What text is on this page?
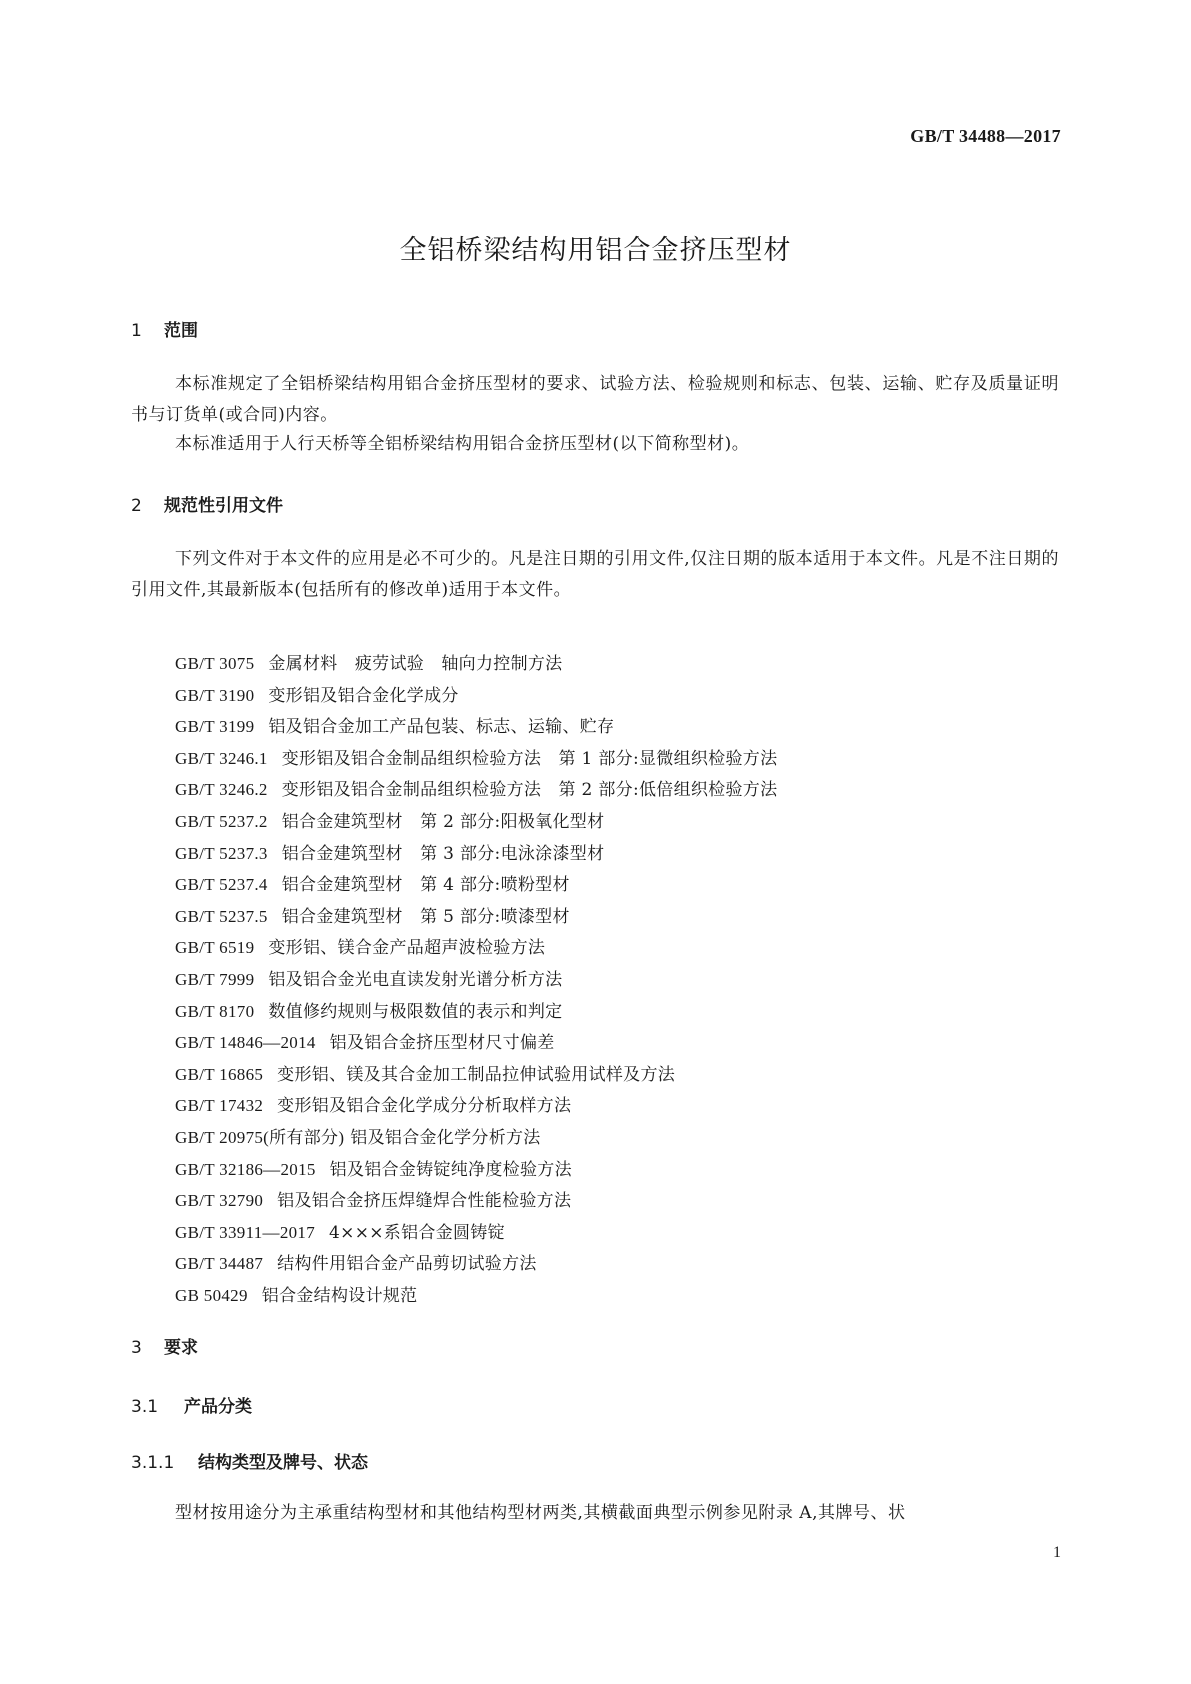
GB/T 34488—2017
全铝桥梁结构用铝合金挤压型材
1 范围
本标准规定了全铝桥梁结构用铝合金挤压型材的要求、试验方法、检验规则和标志、包装、运输、贮存及质量证明书与订货单(或合同)内容。
本标准适用于人行天桥等全铝桥梁结构用铝合金挤压型材(以下简称型材)。
2 规范性引用文件
下列文件对于本文件的应用是必不可少的。凡是注日期的引用文件,仅注日期的版本适用于本文件。凡是不注日期的引用文件,其最新版本(包括所有的修改单)适用于本文件。
GB/T 3075 金属材料　疲劳试验　轴向力控制方法
GB/T 3190 变形铝及铝合金化学成分
GB/T 3199 铝及铝合金加工产品包装、标志、运输、贮存
GB/T 3246.1 变形铝及铝合金制品组织检验方法　第 1 部分:显微组织检验方法
GB/T 3246.2 变形铝及铝合金制品组织检验方法　第 2 部分:低倍组织检验方法
GB/T 5237.2 铝合金建筑型材　第 2 部分:阳极氧化型材
GB/T 5237.3 铝合金建筑型材　第 3 部分:电泳涂漆型材
GB/T 5237.4 铝合金建筑型材　第 4 部分:喷粉型材
GB/T 5237.5 铝合金建筑型材　第 5 部分:喷漆型材
GB/T 6519 变形铝、镁合金产品超声波检验方法
GB/T 7999 铝及铝合金光电直读发射光谱分析方法
GB/T 8170 数值修约规则与极限数值的表示和判定
GB/T 14846—2014 铝及铝合金挤压型材尺寸偏差
GB/T 16865 变形铝、镁及其合金加工制品拉伸试验用试样及方法
GB/T 17432 变形铝及铝合金化学成分分析取样方法
GB/T 20975(所有部分) 铝及铝合金化学分析方法
GB/T 32186—2015 铝及铝合金铸锭纯净度检验方法
GB/T 32790 铝及铝合金挤压焊缝焊合性能检验方法
GB/T 33911—2017 4×××系铝合金圆铸锭
GB/T 34487 结构件用铝合金产品剪切试验方法
GB 50429 铝合金结构设计规范
3 要求
3.1 产品分类
3.1.1 结构类型及牌号、状态
型材按用途分为主承重结构型材和其他结构型材两类,其横截面典型示例参见附录 A,其牌号、状
1
